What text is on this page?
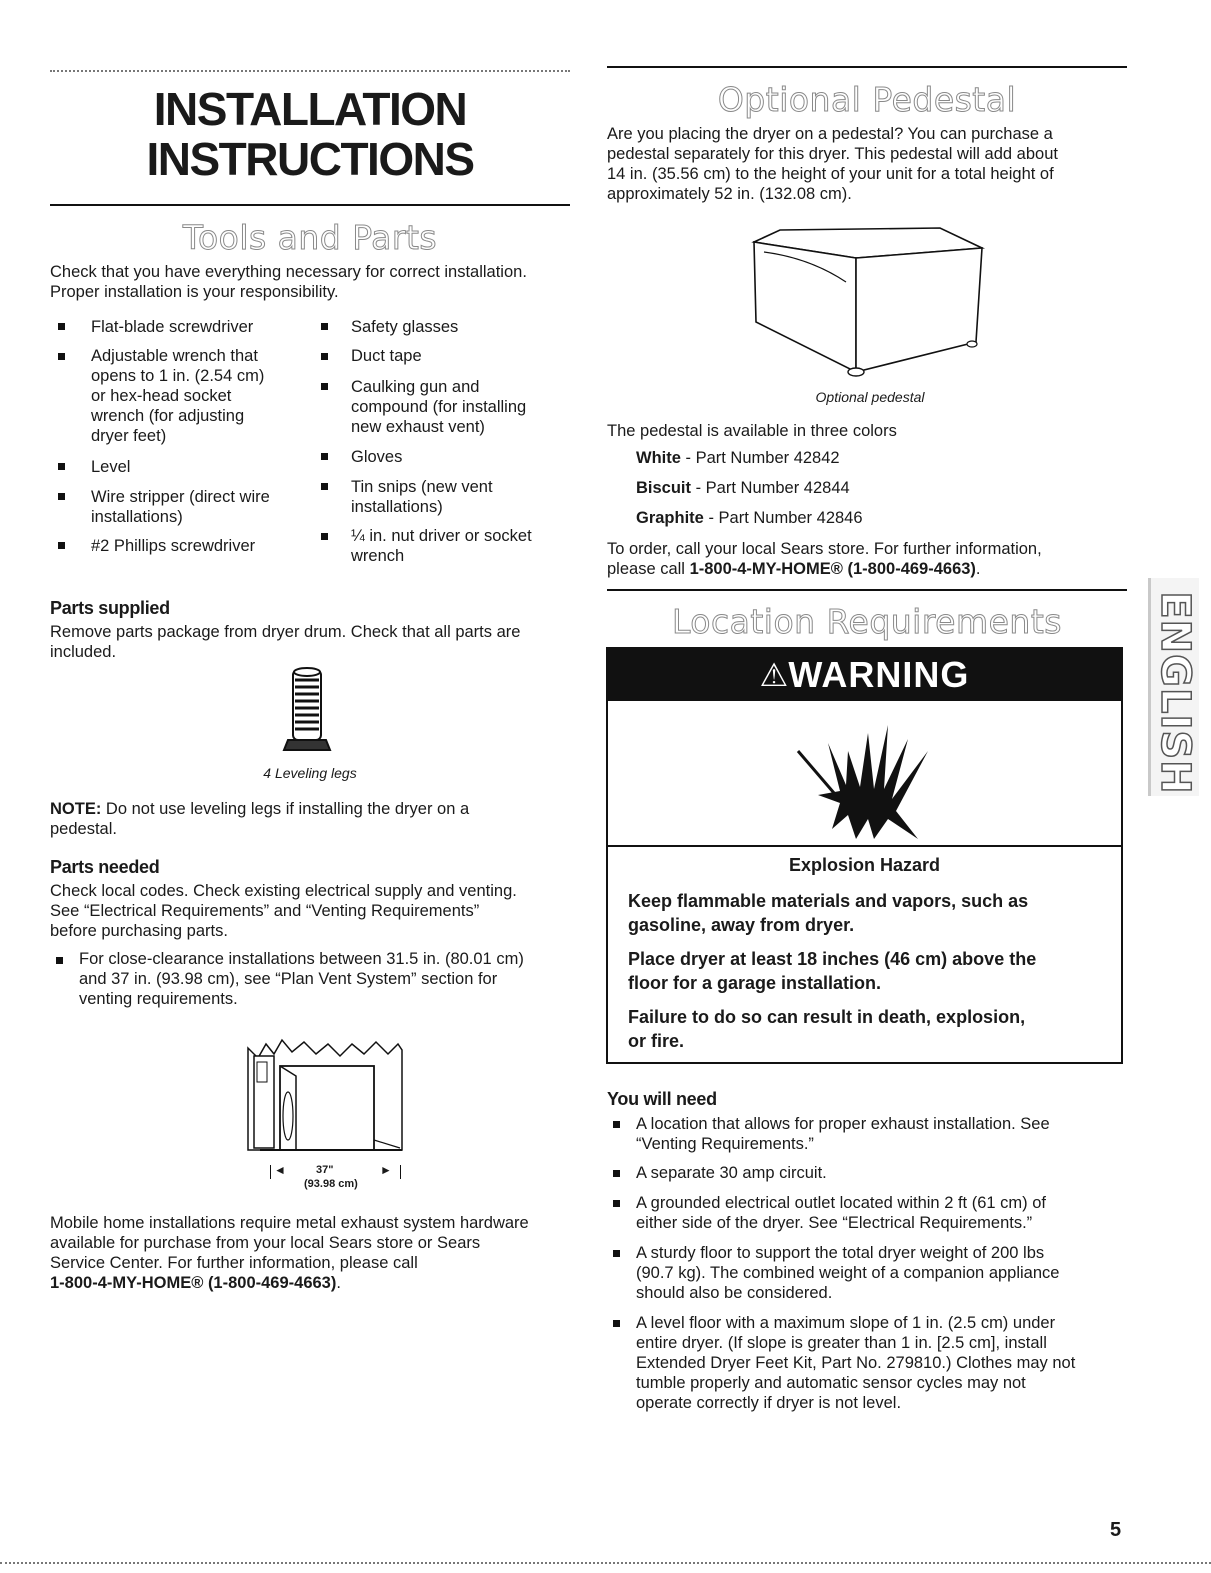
INSTALLATION
INSTRUCTIONS
Tools and Parts
Check that you have everything necessary for correct installation.
Proper installation is your responsibility.
Flat-blade screwdriver
Adjustable wrench that
opens to 1 in. (2.54 cm)
or hex-head socket
wrench (for adjusting
dryer feet)
Level
Wire stripper (direct wire
installations)
#2 Phillips screwdriver
Safety glasses
Duct tape
Caulking gun and
compound (for installing
new exhaust vent)
Gloves
Tin snips (new vent
installations)
¼ in. nut driver or socket
wrench
Parts supplied
Remove parts package from dryer drum. Check that all parts are
included.
4 Leveling legs
NOTE: Do not use leveling legs if installing the dryer on a
pedestal.
Parts needed
Check local codes. Check existing electrical supply and venting.
See “Electrical Requirements” and “Venting Requirements”
before purchasing parts.
For close-clearance installations between 31.5 in. (80.01 cm)
and 37 in. (93.98 cm), see “Plan Vent System” section for
venting requirements.
◄	37"	►
(93.98 cm)
Mobile home installations require metal exhaust system hardware
available for purchase from your local Sears store or Sears
Service Center. For further information, please call
1-800-4-MY-HOME® (1-800-469-4663).
Optional Pedestal
Are you placing the dryer on a pedestal? You can purchase a
pedestal separately for this dryer. This pedestal will add about
14 in. (35.56 cm) to the height of your unit for a total height of
approximately 52 in. (132.08 cm).
Optional pedestal
The pedestal is available in three colors
White - Part Number 42842
Biscuit - Part Number 42844
Graphite - Part Number 42846
To order, call your local Sears store. For further information,
please call 1-800-4-MY-HOME® (1-800-469-4663).
Location Requirements
⚠WARNING
Explosion Hazard
Keep flammable materials and vapors, such as
gasoline, away from dryer.
Place dryer at least 18 inches (46 cm) above the
floor for a garage installation.
Failure to do so can result in death, explosion,
or fire.
You will need
A location that allows for proper exhaust installation. See
“Venting Requirements.”
A separate 30 amp circuit.
A grounded electrical outlet located within 2 ft (61 cm) of
either side of the dryer. See “Electrical Requirements.”
A sturdy floor to support the total dryer weight of 200 lbs
(90.7 kg). The combined weight of a companion appliance
should also be considered.
A level floor with a maximum slope of 1 in. (2.5 cm) under
entire dryer. (If slope is greater than 1 in. [2.5 cm], install
Extended Dryer Feet Kit, Part No. 279810.) Clothes may not
tumble properly and automatic sensor cycles may not
operate correctly if dryer is not level.
ENGLISH
5
